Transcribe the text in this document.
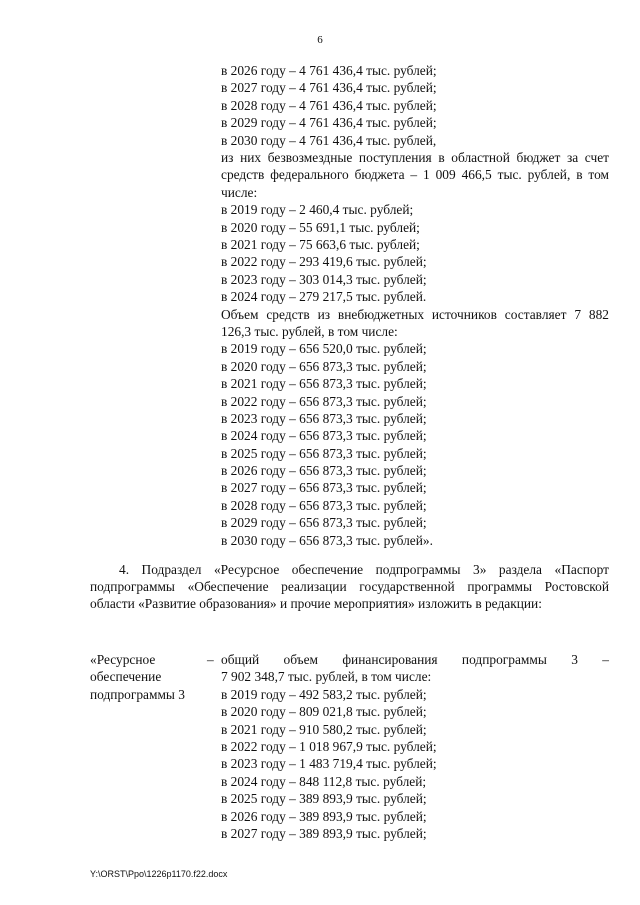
6
в 2026 году – 4 761 436,4 тыс. рублей;
в 2027 году – 4 761 436,4 тыс. рублей;
в 2028 году – 4 761 436,4 тыс. рублей;
в 2029 году – 4 761 436,4 тыс. рублей;
в 2030 году – 4 761 436,4 тыс. рублей,
из них безвозмездные поступления в областной бюджет за счет средств федерального бюджета – 1 009 466,5 тыс. рублей, в том числе:
в 2019 году – 2 460,4 тыс. рублей;
в 2020 году – 55 691,1 тыс. рублей;
в 2021 году – 75 663,6 тыс. рублей;
в 2022 году – 293 419,6 тыс. рублей;
в 2023 году – 303 014,3 тыс. рублей;
в 2024 году – 279 217,5 тыс. рублей.
Объем средств из внебюджетных источников составляет 7 882 126,3 тыс. рублей, в том числе:
в 2019 году – 656 520,0 тыс. рублей;
в 2020 году – 656 873,3 тыс. рублей;
в 2021 году – 656 873,3 тыс. рублей;
в 2022 году – 656 873,3 тыс. рублей;
в 2023 году – 656 873,3 тыс. рублей;
в 2024 году – 656 873,3 тыс. рублей;
в 2025 году – 656 873,3 тыс. рублей;
в 2026 году – 656 873,3 тыс. рублей;
в 2027 году – 656 873,3 тыс. рублей;
в 2028 году – 656 873,3 тыс. рублей;
в 2029 году – 656 873,3 тыс. рублей;
в 2030 году – 656 873,3 тыс. рублей».
4. Подраздел «Ресурсное обеспечение подпрограммы 3» раздела «Паспорт подпрограммы «Обеспечение реализации государственной программы Ростовской области «Развитие образования» и прочие мероприятия» изложить в редакции:
«Ресурсное
обеспечение
подпрограммы 3
– общий объем финансирования подпрограммы 3 –
7 902 348,7 тыс. рублей, в том числе:
в 2019 году – 492 583,2 тыс. рублей;
в 2020 году – 809 021,8 тыс. рублей;
в 2021 году – 910 580,2 тыс. рублей;
в 2022 году – 1 018 967,9 тыс. рублей;
в 2023 году – 1 483 719,4 тыс. рублей;
в 2024 году – 848 112,8 тыс. рублей;
в 2025 году – 389 893,9 тыс. рублей;
в 2026 году – 389 893,9 тыс. рублей;
в 2027 году – 389 893,9 тыс. рублей;
Y:\ORST\Ppo\1226p1170.f22.docx
